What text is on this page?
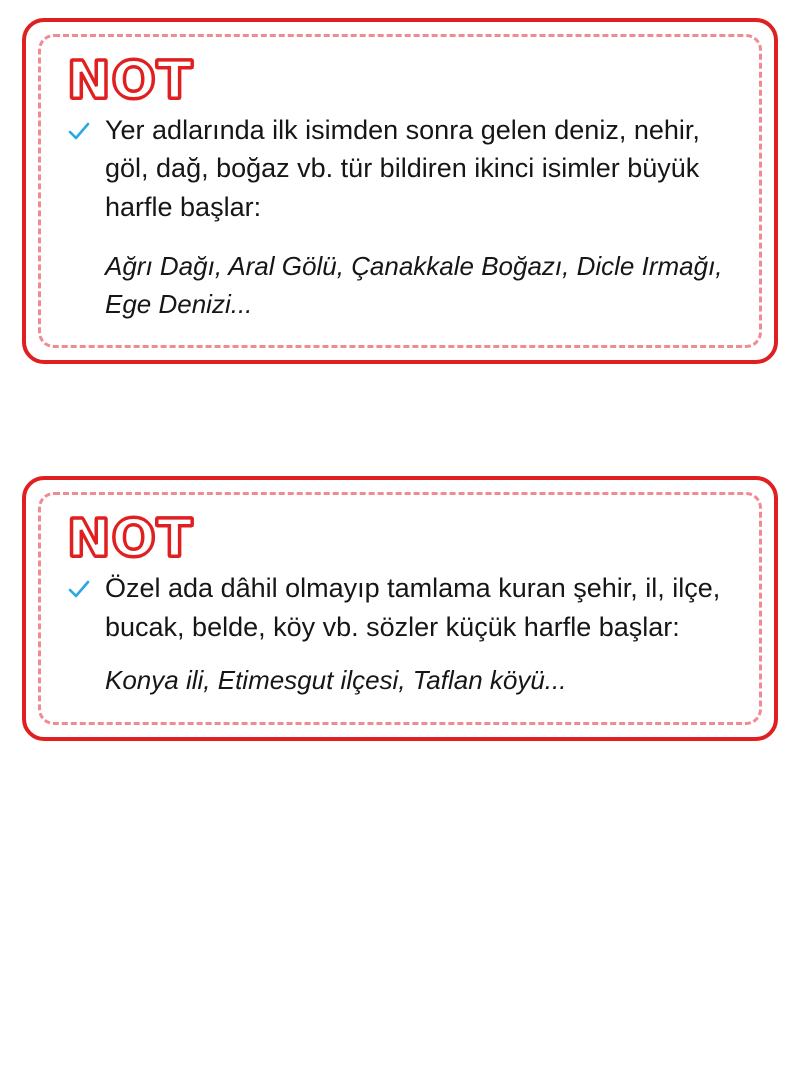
NOT
Yer adlarında ilk isimden sonra gelen deniz, nehir, göl, dağ, boğaz vb. tür bildiren ikinci isimler büyük harfle başlar:
Ağrı Dağı, Aral Gölü, Çanakkale Boğazı, Dicle Irmağı, Ege Denizi...
NOT
Özel ada dâhil olmayıp tamlama kuran şehir, il, ilçe, bucak, belde, köy vb. sözler küçük harfle başlar:
Konya ili, Etimesgut ilçesi, Taflan köyü...
